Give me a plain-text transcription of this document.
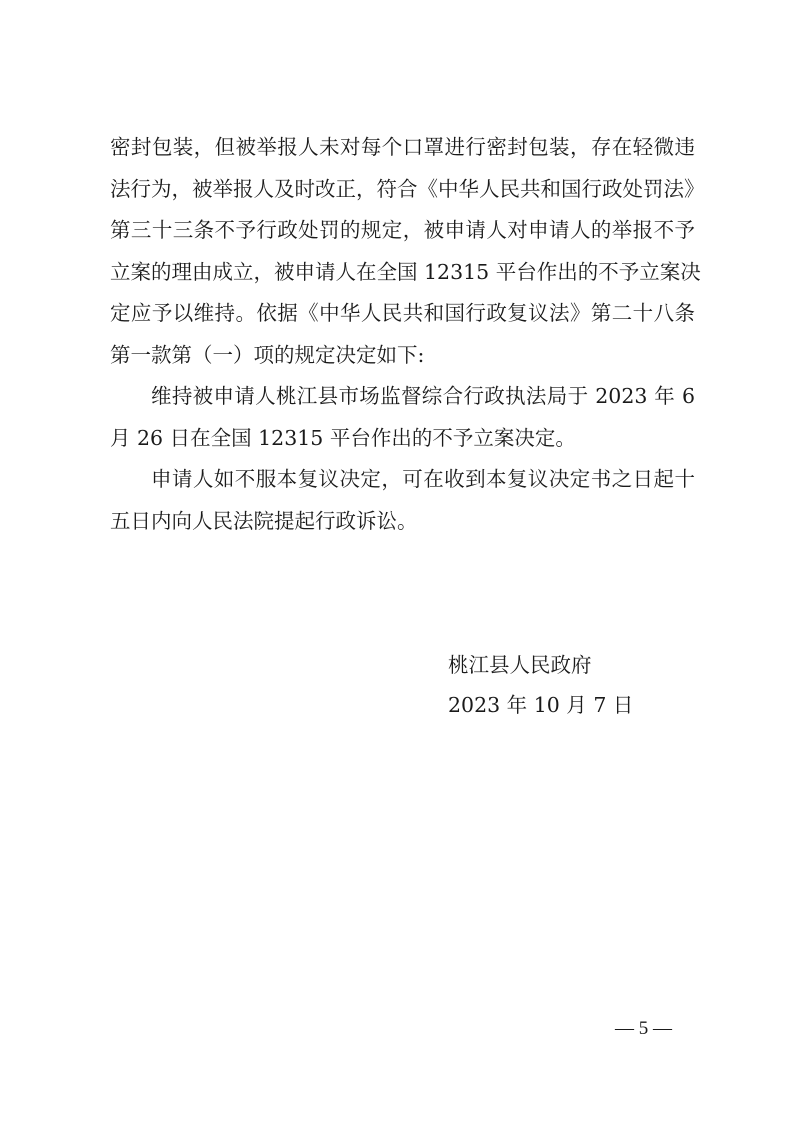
密封包装，但被举报人未对每个口罩进行密封包装，存在轻微违
法行为，被举报人及时改正，符合《中华人民共和国行政处罚法》
第三十三条不予行政处罚的规定，被申请人对申请人的举报不予
立案的理由成立，被申请人在全国 12315 平台作出的不予立案决
定应予以维持。依据《中华人民共和国行政复议法》第二十八条
第一款第（一）项的规定决定如下:
维持被申请人桃江县市场监督综合行政执法局于 2023 年 6
月 26 日在全国 12315 平台作出的不予立案决定。
申请人如不服本复议决定，可在收到本复议决定书之日起十
五日内向人民法院提起行政诉讼。
桃江县人民政府
2023 年 10 月 7 日
— 5 —
